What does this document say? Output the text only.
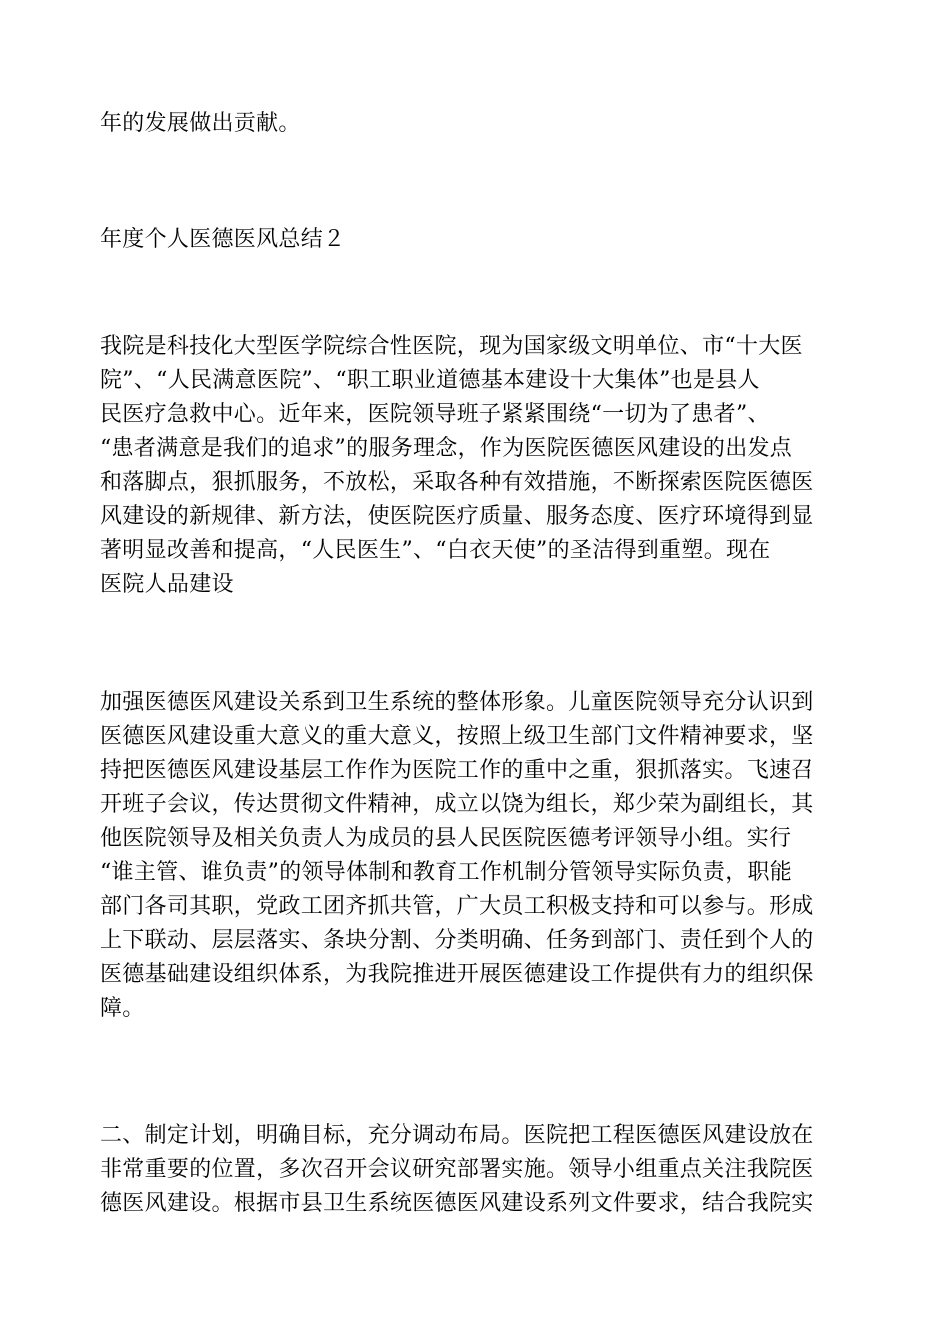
年的发展做出贡献。

年度个人医德医风总结２

我院是科技化大型医学院综合性医院，现为国家级文明单位、市“十大医
院”、“人民满意医院”、“职工职业道德基本建设十大集体”也是县人
民医疗急救中心。近年来，医院领导班子紧紧围绕“一切为了患者”、
“患者满意是我们的追求”的服务理念，作为医院医德医风建设的出发点
和落脚点，狠抓服务，不放松，采取各种有效措施，不断探索医院医德医
风建设的新规律、新方法，使医院医疗质量、服务态度、医疗环境得到显
著明显改善和提高，“人民医生”、“白衣天使”的圣洁得到重塑。现在
医院人品建设

加强医德医风建设关系到卫生系统的整体形象。儿童医院领导充分认识到
医德医风建设重大意义的重大意义，按照上级卫生部门文件精神要求，坚
持把医德医风建设基层工作作为医院工作的重中之重，狠抓落实。飞速召
开班子会议，传达贯彻文件精神，成立以饶为组长，郑少荣为副组长，其
他医院领导及相关负责人为成员的县人民医院医德考评领导小组。实行
“谁主管、谁负责”的领导体制和教育工作机制分管领导实际负责，职能
部门各司其职，党政工团齐抓共管，广大员工积极支持和可以参与。形成
上下联动、层层落实、条块分割、分类明确、任务到部门、责任到个人的
医德基础建设组织体系，为我院推进开展医德建设工作提供有力的组织保
障。

二、制定计划，明确目标，充分调动布局。医院把工程医德医风建设放在
非常重要的位置，多次召开会议研究部署实施。领导小组重点关注我院医
德医风建设。根据市县卫生系统医德医风建设系列文件要求，结合我院实
